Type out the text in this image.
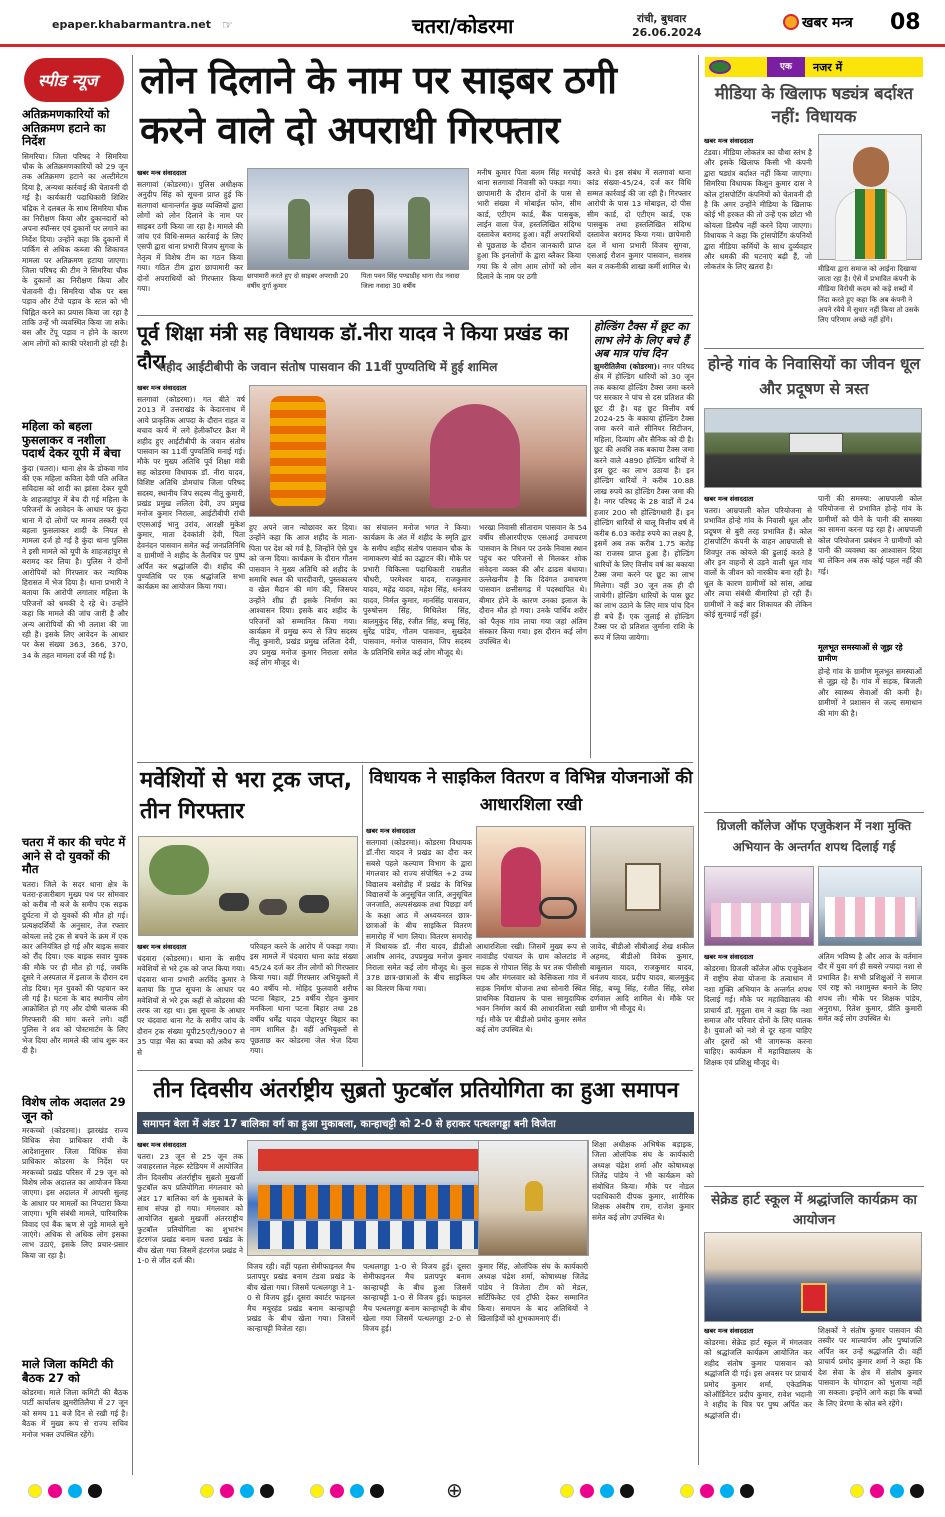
epaper.khabarmantra.net ☞	चतरा/कोडरमा	रांची, बुधवार
26.06.2024
खबर मन्त्र 08
स्पीड न्यूज
अतिक्रमणकारियों को अतिक्रमण हटाने का निर्देश
सिमरिया। जिला परिषद ने सिमरिया चौक के अतिक्रमणकारियों को 29 जून तक अतिक्रमण हटाने का अल्टीमेटम दिया है, अन्यथा कार्रवाई की चेतावनी दी गई है। कार्यकारी पदाधिकारी शिशिर चंद्रिक ने दलबल के साथ सिमरिया चौक का निरीक्षण किया और दुकानदारों को अपना स्पॉन्सर एवं दुकानों पर लगाने का निर्देश दिया। उन्होंने कहा कि दुकानों में पार्किंग से अधिक कब्जा की शिकायत मामला पर अतिक्रमण हटाया जाएगा। जिला परिषद की टीम ने सिमरिया चौक के दुकानों का निरीक्षण किया और चेतावनी दी। सिमरिया चौक पर बस पड़ाव और टेंपो पड़ाव के स्टल को भी चिह्नित करने का प्रयास किया जा रहा है ताकि उन्हें भी व्यवस्थित किया जा सके। बस और टेंपू पड़ाव न होने के कारण आम लोगों को काफी परेशानी हो रही है।
महिला को बहला फुसलाकर व नशीला पदार्थ देकर यूपी में बेचा
कुंदा (चतरा)। थाना क्षेत्र के डोकवा गांव की एक महिला कविता देवी पति अजित सविदास को शादी का झांसा देकर यूपी के शाहजहांपुर में बेच दी गई महिला के परिजनों के आवेदन के आधार पर कुंदा थाना में दो लोगों पर मानव तस्करी एवं बहला फुसलाकर शादी के नियत से मामला दर्ज हो गई है कुंदा थाना पुलिस ने इसी मामले को यूपी के शाहजहांपुर से बरामद कर लिया है। पुलिस ने दोनों आरोपियों को गिरफ्तार कर न्यायिक हिरासत में भेज दिया है। थाना प्रभारी ने बताया कि आरोपी लगातार महिला के परिजनों को धमकी दे रहे थे। उन्होंने कहा कि मामले की जांच जारी है और अन्य आरोपियों की भी तलाश की जा रही है। इसके लिए आवेदन के आधार पर केस संख्या 363, 366, 370, 34 के तहत मामला दर्ज की गई है।
चतरा में कार की चपेट में आने से दो युवकों की मौत
चतरा। जिले के सदर थाना क्षेत्र के चतरा-हजारीबाग मुख्य पथ पर सोमवार को करीब नौ बजे के समीप एक सड़क दुर्घटना में दो युवकों की मौत हो गई। प्रत्यक्षदर्शियों के अनुसार, तेज रफ्तार कोयला लदे ट्रक से बचने के क्रम में एक कार अनियंत्रित हो गई और बाइक सवार को रौंद दिया। एक बाइक सवार युवक की मौके पर ही मौत हो गई, जबकि दूसरे ने अस्पताल में इलाज के दौरान दम तोड़ दिया। मृत युवकों की पहचान कर ली गई है। घटना के बाद स्थानीय लोग आक्रोशित हो गए और दोषी चालक की गिरफ्तारी की मांग करने लगे। वहीं पुलिस ने शव को पोस्टमार्टम के लिए भेज दिया और मामले की जांच शुरू कर दी है।
विशेष लोक अदालत 29 जून को
मरकच्चो (कोडरमा)। झारखंड राज्य विधिक सेवा प्राधिकार रांची के आदेशानुसार जिला विधिक सेवा प्राधिकार कोडरमा के निर्देश पर मरकच्चो प्रखंड परिसर में 29 जून को विशेष लोक अदालत का आयोजन किया जाएगा। इस अदालत में आपसी सुलह के आधार पर मामलों का निपटारा किया जाएगा। भूमि संबंधी मामले, पारिवारिक विवाद एवं बैंक ऋण से जुड़े मामले सुने जाएंगे। अधिक से अधिक लोग इसका लाभ उठाएं, इसके लिए प्रचार-प्रसार किया जा रहा है।
माले जिला कमिटी की बैठक 27 को
कोडरमा। माले जिला कमिटी की बैठक पार्टी कार्यालय झुमरीतिलैया में 27 जून को समय 11 बजे दिन से रखी गई है। बैठक में मुख्य रूप से राज्य सचिव मनोज भक्त उपस्थित रहेंगे।
लोन दिलाने के नाम पर साइबर ठगी करने वाले दो अपराधी गिरफ्तार
खबर मन्त्र संवाददाता
सतगावां (कोडरमा)। पुलिस अधीक्षक अनुदीप सिंह को सूचना प्राप्त हुई कि सतगावां थानान्तर्गत कुछ व्यक्तियों द्वारा लोगों को लोन दिलाने के नाम पर साइबर ठगी किया जा रहा है। मामले की जांच एवं विधि-सम्मत कार्रवाई के लिए एसपी द्वारा थाना प्रभारी विजय सुगवा के नेतृत्व में विशेष टीम का गठन किया गया। गठित टीम द्वारा छापामारी कर दोनों अपराधियों को गिरफ्तार किया गया।
छापामारी करते हुए दो साइबर अपराधी 20 वर्षीय दुर्गा कुमार
पिता पवन सिंह पण्डाडीह थाना रोड नवादा जिला नवादा 30 वर्षीय
मनीष कुमार पिता बलम सिंह मरचोई थाना सतगावां निवासी को पकड़ा गया। छापामारी के दौरान दोनों के पास से भारी संख्या में मोबाईल फोन, सीम कार्ड, एटीएम कार्ड, बैंक पासबुक, लाईन वाला पेज, हस्तलिखित संदिग्ध दस्तावेज बरामद हुआ। वहीं अपराधियों से पूछताछ के दौरान जानकारी प्राप्त हुआ कि इनलोगों के द्वारा ब्लैकर किया गया कि ये लोग आम लोगों को लोन दिलाने के नाम पर ठगी
करते थे। इस संबंध में सतगावां थाना कांड संख्या-45/24, दर्ज कर विधि सम्मत कार्रवाई की जा रही है। गिरफ्तार आरोपी के पास 13 मोबाइल, दो पीस सीम कार्ड, दो एटीएम कार्ड, एक पासबुक तथा हस्तलिखित संदिग्ध दस्तावेज बरामद किया गया। छापेमारी दल में थाना प्रभारी विजय सुगवा, एसआई रौशन कुमार पासवान, सशस्त्र बल व तकनीकी शाखा कर्मी शामिल थे।
पूर्व शिक्षा मंत्री सह विधायक डॉ.नीरा यादव ने किया प्रखंड का दौरा
शहीद आईटीबीपी के जवान संतोष पासवान की 11वीं पुण्यतिथि में हुई शामिल
खबर मन्त्र संवाददाता
सतगावां (कोडरमा)। गत बीते वर्ष 2013 में उत्तराखंड के केदारनाथ में आये प्राकृतिक आपदा के दौरान राहत व बचाव कार्य में लगे हेलीकॉप्टर क्रैश में शहीद हुए आईटीबीपी के जवान संतोष पासवान का 11वीं पुण्यतिथि मनाई गई। मौके पर मुख्य अतिथि पूर्व शिक्षा मंत्री सह कोडरमा विधायक डॉ. नीरा यादव, विशिष्ट अतिथि डोमचांच जिला परिषद सदस्य, स्थानीय जिप सदस्य नीतू कुमारी, प्रखंड प्रमुख ललिता देवी, उप प्रमुख मनोज कुमार निराला, आईटीबीपी रांची एएसआई भानु उरांव, आरक्षी मुकेश कुमार, माता देवकांती देवी, पिता देवनंदन पासवान समेत कई जनप्रतिनिधि व ग्रामीणों ने शहीद के तैलचित्र पर पुष्प अर्पित कर श्रद्धांजलि दी। शहीद की पुण्यतिथि पर एक श्रद्धांजलि सभा कार्यक्रम का आयोजन किया गया।
हुए अपने जान न्योछावर कर दिया। उन्होंने कहा कि आज शहीद के माता-पिता पर देश को गर्व है, जिन्होंने ऐसे पुत्र को जन्म दिया। कार्यक्रम के दौरान गौतम पासवान ने मुख्य अतिथि को शहीद के समाधि स्थल की चारदीवारी, पुस्तकालय व खेल मैदान की मांग की, जिसपर उन्होंने शीघ्र ही इसके निर्माण का आश्वासन दिया। इसके बाद शहीद के परिजनों को सम्मानित किया गया। कार्यक्रम में प्रमुख रूप से जिप सदस्य नीतू कुमारी, प्रखंड प्रमुख ललिता देवी, उप प्रमुख मनोज कुमार निराला समेत कई लोग मौजूद थे।
का संचालन मनोज भगत ने किया। कार्यक्रम के अंत में शहीद के स्मृति द्वार के समीप शहीद संतोष पासवान चौक के नामाकरण बोर्ड का उद्घाटन की। मौके पर प्रभारी चिकित्सा पदाधिकारी राम्रतीत चौधरी, परमेश्वर यादव, राजकुमार यादव, महेंद्र यादव, महेश सिंह, धनंजय यादव, निर्मल कुमार, मानसिंह पासवान, पुरुषोत्तम सिंह, मिथिलेश सिंह, बालमुकुंद सिंह, रंजीत सिंह, बच्चू सिंह, सुरेंद्र पांडेय, गौतम पासवान, सुखदेव पासवान, मनोज पासवान, जिप सदस्य के प्रतिनिधि समेत कई लोग मौजूद थे।
भरखा निवासी सीताराम पासवान के 54 वर्षीय सीआरपीएफ एसआई उमाचरण पासवान के निधन पर उनके निवास स्थान पहुंच कर परिजनों से मिलकर शोक संवेदना व्यक्त की और ढाढस बंधाया। उल्लेखनीय है कि दिवंगत उमाचरण पासवान छत्तीसगढ़ में पदस्थापित थे। बीमार होने के कारण उनका इलाज के दौरान मौत हो गया। उनके पार्थिव शरीर को पैतृक गांव लाया गया जहां अंतिम संस्कार किया गया। इस दौरान कई लोग उपस्थित थे।
होल्डिंग टैक्स में छूट का लाभ लेने के लिए बचे हैं अब मात्र पांच दिन
झुमरीतिलैया (कोडरमा)। नगर परिषद क्षेत्र में होल्डिंग धारियों को 30 जून तक बकाया होल्डिंग टैक्स जमा करने पर सरकार ने पांच से दस प्रतिशत की छूट दी है। यह छूट वित्तीय वर्ष 2024-25 के बकाया होल्डिंग टैक्स जमा करने वाले सीनियर सिटीजन, महिला, दिव्यांग और सैनिक को दी है। छूट की अवधि तक बकाया टैक्स जमा करने वाले 4890 होल्डिंग धारियों ने इस छूट का लाभ उठाया है। इन होल्डिंग धारियों ने करीब 10.88 लाख रुपये का होल्डिंग टैक्स जमा की है। नगर परिषद के 28 वार्डों में 24 हजार 200 सौ होल्डिंगधारी हैं। इन होल्डिंग धारियों से चालू वित्तीय वर्ष में करीब 6.03 करोड़ रुपये का लक्ष्य है, इसमें अब तक करीब 1.75 करोड़ का राजस्व प्राप्त हुआ है। होल्डिंग धारियों के लिए वित्तीय वर्ष का बकाया टैक्स जमा करने पर छूट का लाभ मिलेगा। वहीं 30 जून तक ही दी जायेगी। होल्डिंग धारियों के पास छूट का लाभ उठाने के लिए मात्र पांच दिन ही बचे हैं। एक जुलाई से होल्डिंग टैक्स पर दो प्रतिशत जुर्माना राशि के रूप में लिया जायेगा।
मवेशियों से भरा ट्रक जप्त, तीन गिरफ्तार
खबर मन्त्र संवाददाता
चंदवारा (कोडरमा)। थाना के समीप मवेशियों से भरे ट्रक को जप्त किया गया। चंदवारा थाना प्रभारी अरविंद कुमार ने बताया कि गुप्त सूचना के आधार पर मवेशियों से भरे ट्रक कहीं से कोडरमा की तरफ जा रहा था। इस सूचना के आधार पर चंदवारा थाना गेट के समीप जांच के दौरान ट्रक संख्या यूपी25एटी/9007 से 35 पाड़ा भैंस का बच्चा को अवैध रूप से
परिवहन करने के आरोप में पकड़ा गया। इस मामले में चंदवारा थाना कांड संख्या 45/24 दर्ज कर तीन लोगों को गिरफ्तार किया गया। वहीं गिरफ्तार अभियुक्तों में 40 वर्षीय मो. मोहिद फुलवारी शरीफ पटना बिहार, 25 वर्षीय रोहन कुमार मनकिला थाना पटना बिहार तथा 28 वर्षीय धर्मेंद्र यादव पोद्दारपुर बिहार का नाम शामिल है। वहीं अभियुक्तों से पूछताछ कर कोडरमा जेल भेज दिया गया।
विधायक ने साइकिल वितरण व विभिन्न योजनाओं की आधारशिला रखी
खबर मन्त्र संवाददाता
सतगावां (कोडरमा)। कोडरमा विधायक डॉ.नीरा यादव ने प्रखंड का दौरा कर सबसे पहले कल्याण विभाग के द्वारा मंगलवार को राज्य संपोषित +2 उच्च विद्यालय बसोडीह में प्रखंड के विभिन्न विद्यालयों के अनुसूचित जाति, अनुसूचित जनजाति, अल्पसंख्यक तथा पिछड़ा वर्ग के कक्षा आठ में अध्ययनरत छात्र-छात्राओं के बीच साइकिल वितरण समारोह में भाग लिया। वितरण समारोह में विधायक डॉ. नीरा यादव, डीडीओ आशीष आनंद, उपप्रमुख मनोज कुमार निराला समेत कई लोग मौजूद थे। कुल 378 छात्र-छात्राओं के बीच साइकिल का वितरण किया गया।
आधारशिला रखी। जिसमें मुख्य रूप से नावाडीह पंचायत के ग्राम कोलटांड में सड़क से गोपाल सिंह के घर तक पीसीसी पथ और मंगलवार को केसिकला गांव में सड़क निर्माण योजना तथा सोनारी स्थित प्राथमिक विद्यालय के पास सामुदायिक भवन निर्माण कार्य की आधारशिला रखी गई। मौके पर बीडीओ प्रमोद कुमार समेत कई लोग उपस्थित थे।
जावेद, बीडीओ सीबीआई शेख शकील अहमद, बीडीओ विवेक कुमार, बाबूलाल यादव, राजकुमार यादव, धनंजय यादव, प्रदीप यादव, बालमुकुंद सिंह, बच्चू सिंह, रंजीत सिंह, रमेश दर्णवाल आदि शामिल थे। मौके पर ग्रामीण भी मौजूद थे।
तीन दिवसीय अंतर्राष्ट्रीय सुब्रतो फुटबॉल प्रतियोगिता का हुआ समापन
समापन बेला में अंडर 17 बालिका वर्ग का हुआ मुकाबला, कान्हाचट्टी को 2-0 से हराकर पत्थलगड्डा बनी विजेता
खबर मन्त्र संवाददाता
चतरा। 23 जून से 25 जून तक जवाहरलाल नेहरू स्टेडियम में आयोजित तीन दिवसीय अंतर्राष्ट्रीय सुब्रतो मुखर्जी फुटबॉल कप प्रतियोगिता मंगलवार को अंडर 17 बालिका वर्ग के मुकाबले के साथ संपन्न हो गया। मंगलवार को आयोजित सुब्रतो मुखर्जी अंतरराष्ट्रीय फुटबॉल प्रतियोगिता का शुभारंभ हंटरगंज प्रखंड बनाम चतरा प्रखंड के बीच खेला गया जिसमें हंटरगंज प्रखंड ने 1-0 से जीत दर्ज की।
विजय रही। वहीं पहला सेमीफाइनल मैच प्रतापपुर प्रखंड बनाम टंडवा प्रखंड के बीच खेला गया। जिसमें पत्थलगड्डा ने 1-0 से विजय हुई। दूसरा क्वार्टर फाइनल मैच मयूरहंड प्रखंड बनाम कान्हाचट्टी प्रखंड के बीच खेला गया। जिसमें कान्हाचट्टी विजेता रहा।
पत्थलगड्डा 1-0 से विजय हुई। दूसरा सेमीफाइनल मैच प्रतापपुर बनाम कान्हाचट्टी के बीच हुआ जिसमें कान्हाचट्टी 1-0 से विजय हुई। फाइनल मैच पत्थलगड्डा बनाम कान्हाचट्टी के बीच खेला गया जिसमें पत्थलगड्डा 2-0 से विजय हुई।
कुमार सिंह, ओलंपिक संघ के कार्यकारी अध्यक्ष चंद्रेश शर्मा, कोषाध्यक्ष जितेंद्र पांडेय ने विजेता टीम को मेडल, सर्टिफिकेट एवं ट्रॉफी देकर सम्मानित किया। समापन के बाद अतिथियों ने खिलाड़ियों को शुभकामनाएं दीं।
शिक्षा अधीक्षक अभिषेक बड़ाइक, जिला ओलंपिक संघ के कार्यकारी अध्यक्ष चंद्रेश शर्मा और कोषाध्यक्ष जितेंद्र पांडेय ने भी कार्यक्रम को संबोधित किया। मौके पर नोडल पदाधिकारी दीपक कुमार, शारीरिक शिक्षक अंबरीष राम, राजेश कुमार समेत कई लोग उपस्थित थे।
एक	नजर में
मीडिया के खिलाफ षड्यंत्र बर्दाश्त नहीं: विधायक
खबर मन्त्र संवाददाता
टंडवा। मीडिया लोकतंत्र का चौथा स्तंभ है और इसके खिलाफ किसी भी कंपनी द्वारा षड्यंत्र बर्दाश्त नहीं किया जाएगा। सिमरिया विधायक किशुन कुमार दास ने कोल ट्रांसपोर्टिंग कंपनियों को चेतावनी दी है कि अगर उन्होंने मीडिया के खिलाफ कोई भी हरकत की तो उन्हें एक छोटा भी कोयला डिस्पैच नहीं करने दिया जाएगा। विधायक ने कहा कि ट्रांसपोर्टिंग कंपनियों द्वारा मीडिया कर्मियों के साथ दुर्व्यवहार और धमकी की घटनाएं बढ़ी हैं, जो लोकतंत्र के लिए खतरा है।	मीडिया द्वारा समाज को आईना दिखाया जाता रहा है। ऐसे में प्रभावित कंपनी के मीडिया विरोधी कदम को कड़े शब्दों में निंदा करते हुए कहा कि अब कंपनी ने अपने रवैये में सुधार नहीं किया तो उसके लिए परिणाम अच्छे नहीं होंगे।
होन्हे गांव के निवासियों का जीवन धूल और प्रदूषण से त्रस्त
खबर मन्त्र संवाददाता
चतरा। आम्रपाली कोल परियोजना से प्रभावित होन्हे गांव के निवासी धूल और प्रदूषण से बुरी तरह प्रभावित हैं। कोल ट्रांसपोर्टिंग कंपनी के वाहन आम्रपाली से शिवपुर तक कोयले की ढुलाई करते हैं और इन वाहनों से उड़ने वाली धूल गांव वालों के जीवन को नारकीय बना रही है। धूल के कारण ग्रामीणों को सांस, आंख और त्वचा संबंधी बीमारियां हो रही हैं। ग्रामीणों ने कई बार शिकायत की लेकिन कोई सुनवाई नहीं हुई।
पानी की समस्या: आम्रपाली कोल परियोजना से प्रभावित होन्हे गांव के ग्रामीणों को पीने के पानी की समस्या का सामना करना पड़ रहा है। आम्रपाली कोल परियोजना प्रबंधन ने ग्रामीणों को पानी की व्यवस्था का आश्वासन दिया था लेकिन अब तक कोई पहल नहीं की गई।
मूलभूत समस्याओं से जूझ रहे ग्रामीण
होन्हे गांव के ग्रामीण मूलभूत समस्याओं से जूझ रहे हैं। गांव में सड़क, बिजली और स्वास्थ्य सेवाओं की कमी है। ग्रामीणों ने प्रशासन से जल्द समाधान की मांग की है।
ग्रिजली कॉलेज ऑफ एजुकेशन में नशा मुक्ति अभियान के अन्तर्गत शपथ दिलाई गई
खबर मन्त्र संवाददाता
कोडरमा। ग्रिजली कॉलेज ऑफ एजुकेशन में राष्ट्रीय सेवा योजना के तत्वाधान में नशा मुक्ति अभियान के अन्तर्गत शपथ दिलाई गई। मौके पर महाविद्यालय की प्राचार्य डॉ. मृदुला राम ने कहा कि नशा समाज और परिवार दोनों के लिए घातक है। युवाओं को नशे से दूर रहना चाहिए और दूसरों को भी जागरूक करना चाहिए। कार्यक्रम में महाविद्यालय के शिक्षक एवं प्रशिक्षु मौजूद थे।
अंतिम भविष्य है और आज के वर्तमान दौर में युवा वर्ग ही सबसे ज्यादा नशा से प्रभावित है। सभी प्रशिक्षुओं ने समाज एवं राष्ट्र को नशामुक्त बनाने के लिए शपथ ली। मौके पर शिक्षक पांडेय, अनुराधा, रितेश कुमार, प्रीति कुमारी समेत कई लोग उपस्थित थे।
सेक्रेड हार्ट स्कूल में श्रद्धांजलि कार्यक्रम का आयोजन
खबर मन्त्र संवाददाता
कोडरमा। सेक्रेड हार्ट स्कूल में मंगलवार को श्रद्धांजलि कार्यक्रम आयोजित कर शहीद संतोष कुमार पासवान को श्रद्धांजलि दी गई। इस अवसर पर प्राचार्य प्रमोद कुमार शर्मा, एकेडमिक कोऑर्डिनेटर प्रदीप कुमार, रावेश भदानी ने शहीद के चित्र पर पुष्प अर्पित कर श्रद्धांजलि दी।
शिक्षकों ने संतोष कुमार पासवान की तस्वीर पर माल्यार्पण और पुष्पांजलि अर्पित कर उन्हें श्रद्धांजलि दी। वहीं प्राचार्य प्रमोद कुमार शर्मा ने कहा कि देश सेवा के क्षेत्र में संतोष कुमार पासवान के योगदान को भुलाया नहीं जा सकता। इन्होंने आगे कहा कि बच्चों के लिए प्रेरणा के स्रोत बने रहेंगे।
⊕
